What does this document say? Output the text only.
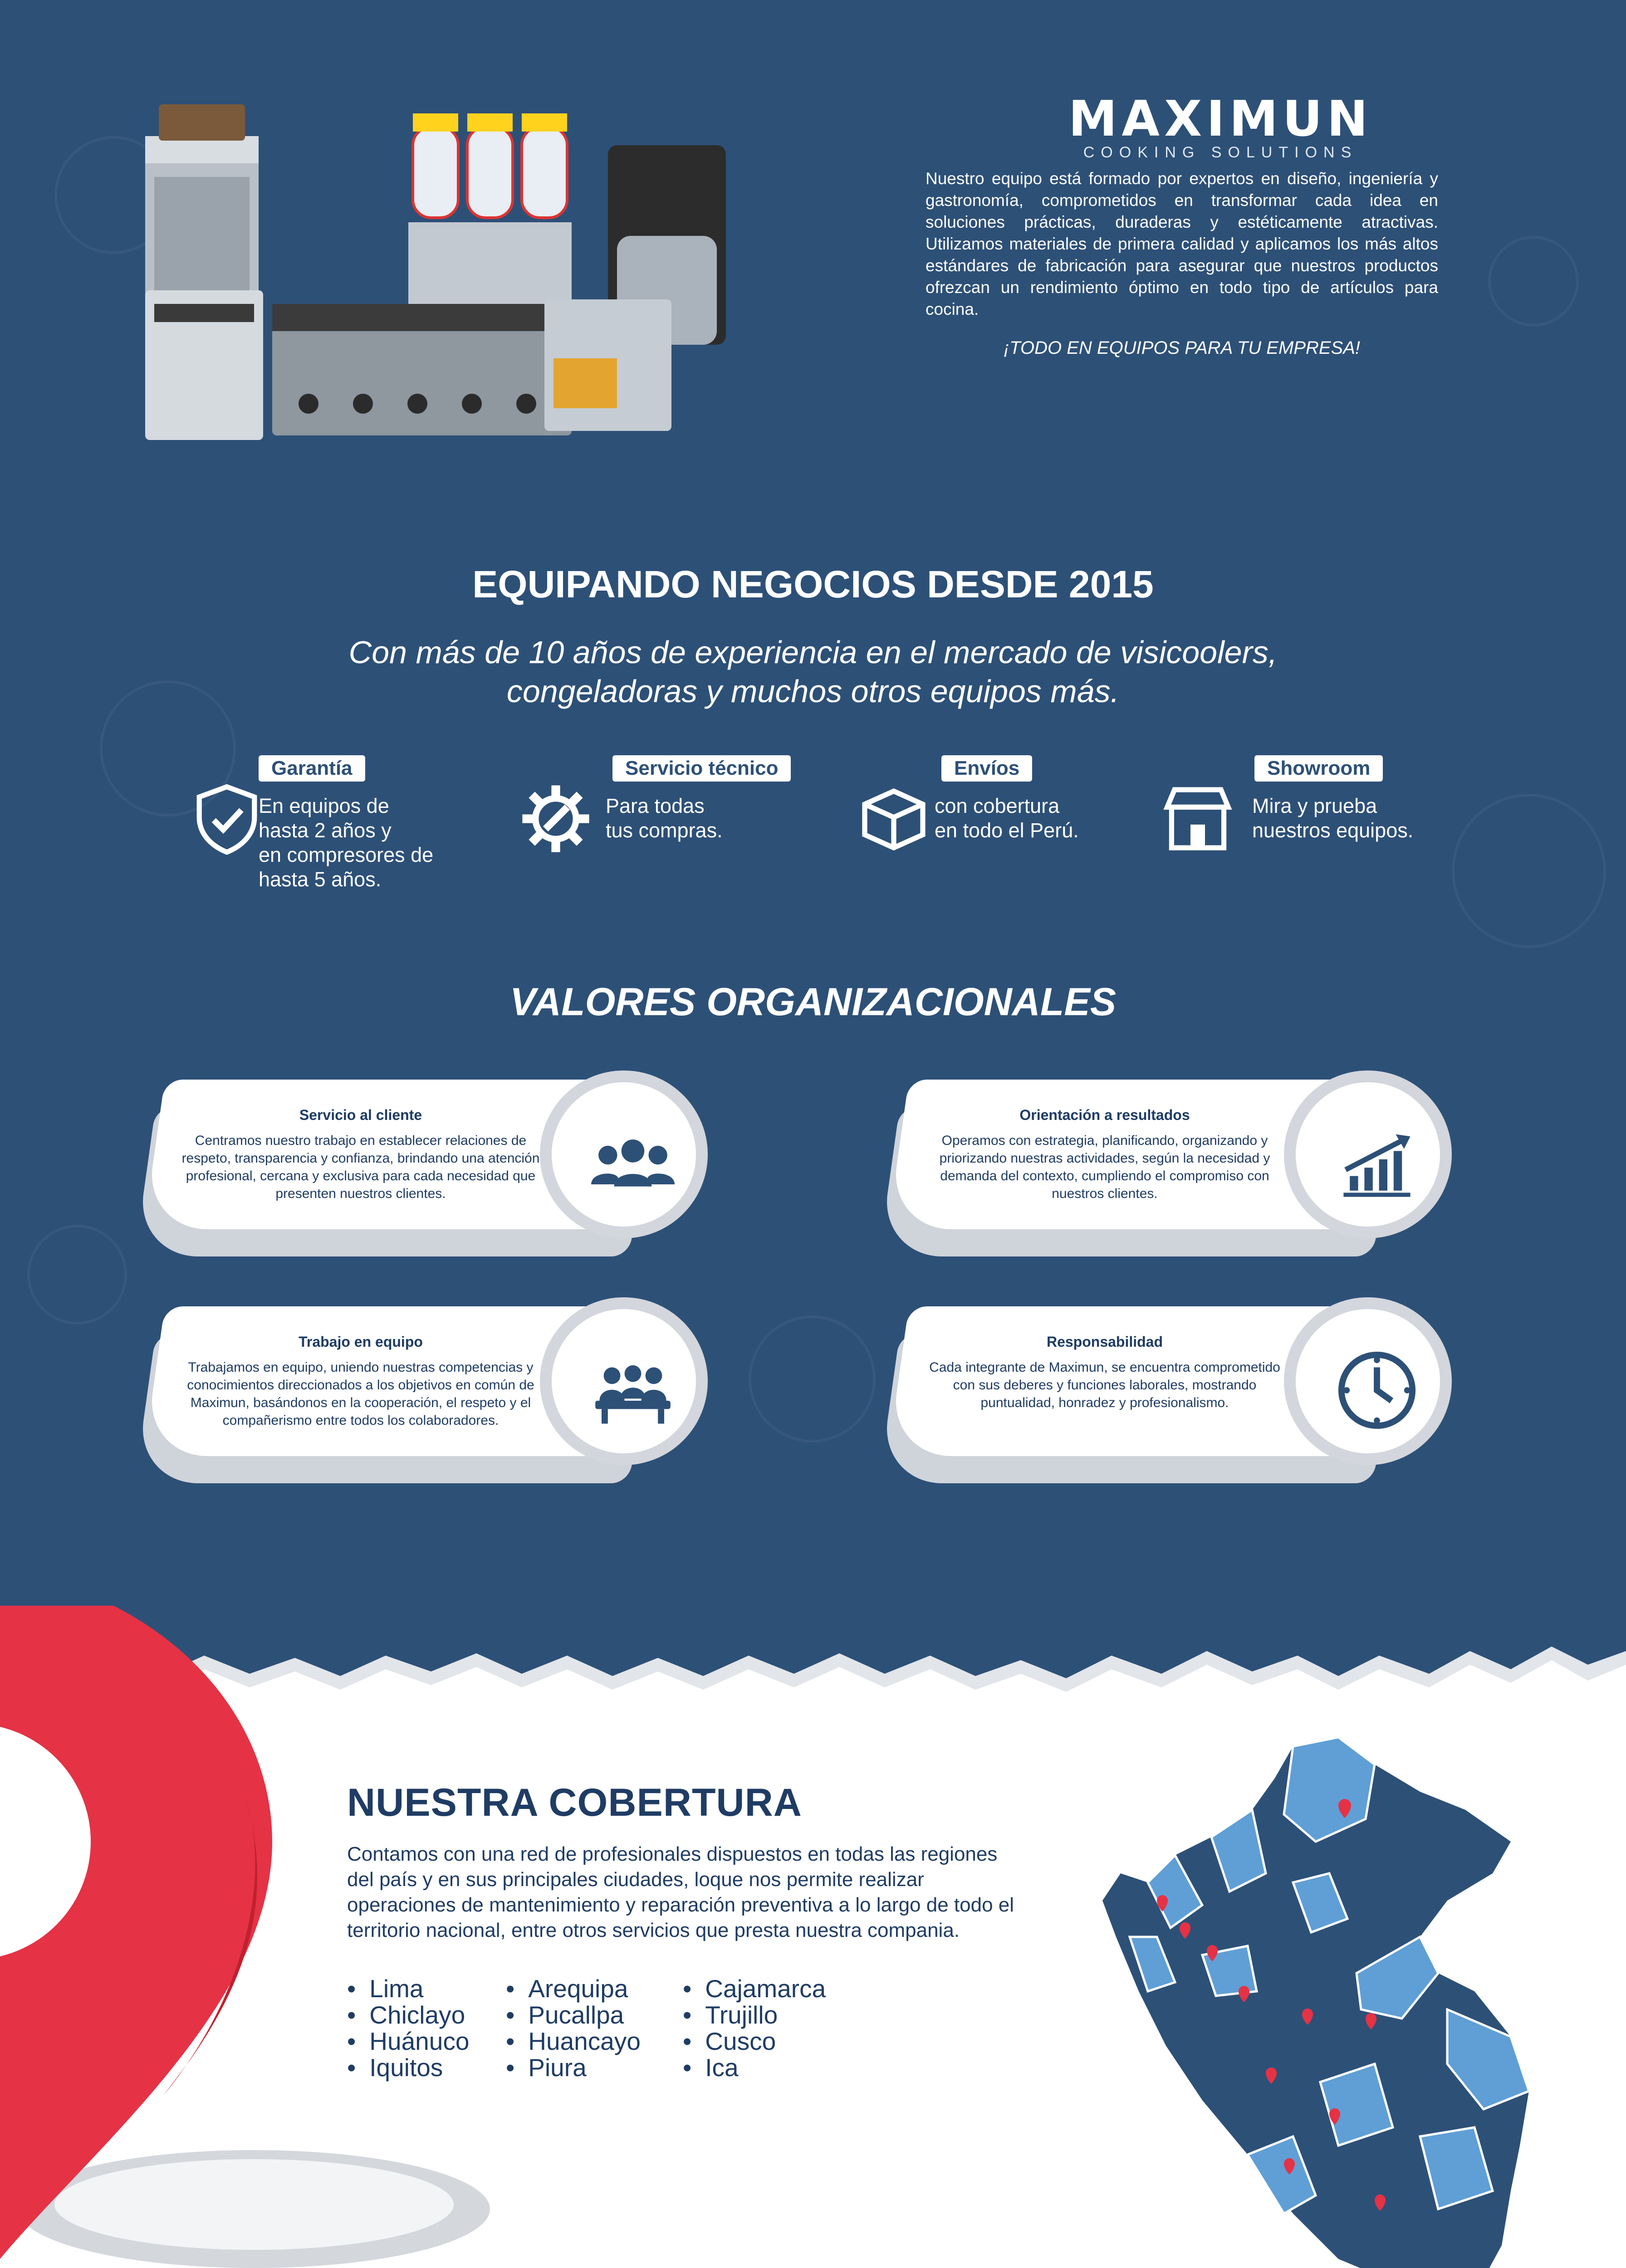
MAXIMUN
COOKING SOLUTIONS

Nuestro equipo está formado por expertos en diseño, ingeniería y gastronomía, comprometidos en transformar cada idea en soluciones prácticas, duraderas y estéticamente atractivas. Utilizamos materiales de primera calidad y aplicamos los más altos estándares de fabricación para asegurar que nuestros productos ofrezcan un rendimiento óptimo en todo tipo de artículos para cocina.

¡TODO EN EQUIPOS PARA TU EMPRESA!

EQUIPANDO NEGOCIOS DESDE 2015

Con más de 10 años de experiencia en el mercado de visicoolers, congeladoras y muchos otros equipos más.

Garantía
En equipos de
hasta 2 años y
en compresores de
hasta 5 años.
Servicio técnico
Para todas
tus compras.
Envíos
con cobertura
en todo el Perú.
Showroom
Mira y prueba
nuestros equipos.
VALORES ORGANIZACIONALES
Servicio al cliente
Centramos nuestro trabajo en establecer relaciones de respeto, transparencia y confianza, brindando una atención profesional, cercana y exclusiva para cada necesidad que presenten nuestros clientes.
Orientación a resultados
Operamos con estrategia, planificando, organizando y priorizando nuestras actividades, según la necesidad y demanda del contexto, cumpliendo el compromiso con nuestros clientes.
Trabajo en equipo
Trabajamos en equipo, uniendo nuestras competencias y conocimientos direccionados a los objetivos en común de Maximun, basándonos en la cooperación, el respeto y el compañerismo entre todos los colaboradores.
Responsabilidad
Cada integrante de Maximun, se encuentra comprometido con sus deberes y funciones laborales, mostrando puntualidad, honradez y profesionalismo.
NUESTRA COBERTURA

Contamos con una red de profesionales dispuestos en todas las regiones del país y en sus principales ciudades, loque nos permite realizar operaciones de mantenimiento y reparación preventiva a lo largo de todo el territorio nacional, entre otros servicios que presta nuestra compania.

• Lima
• Chiclayo
• Huánuco
• Iquitos
• Arequipa
• Pucallpa
• Huancayo
• Piura
• Cajamarca
• Trujillo
• Cusco
• Ica
